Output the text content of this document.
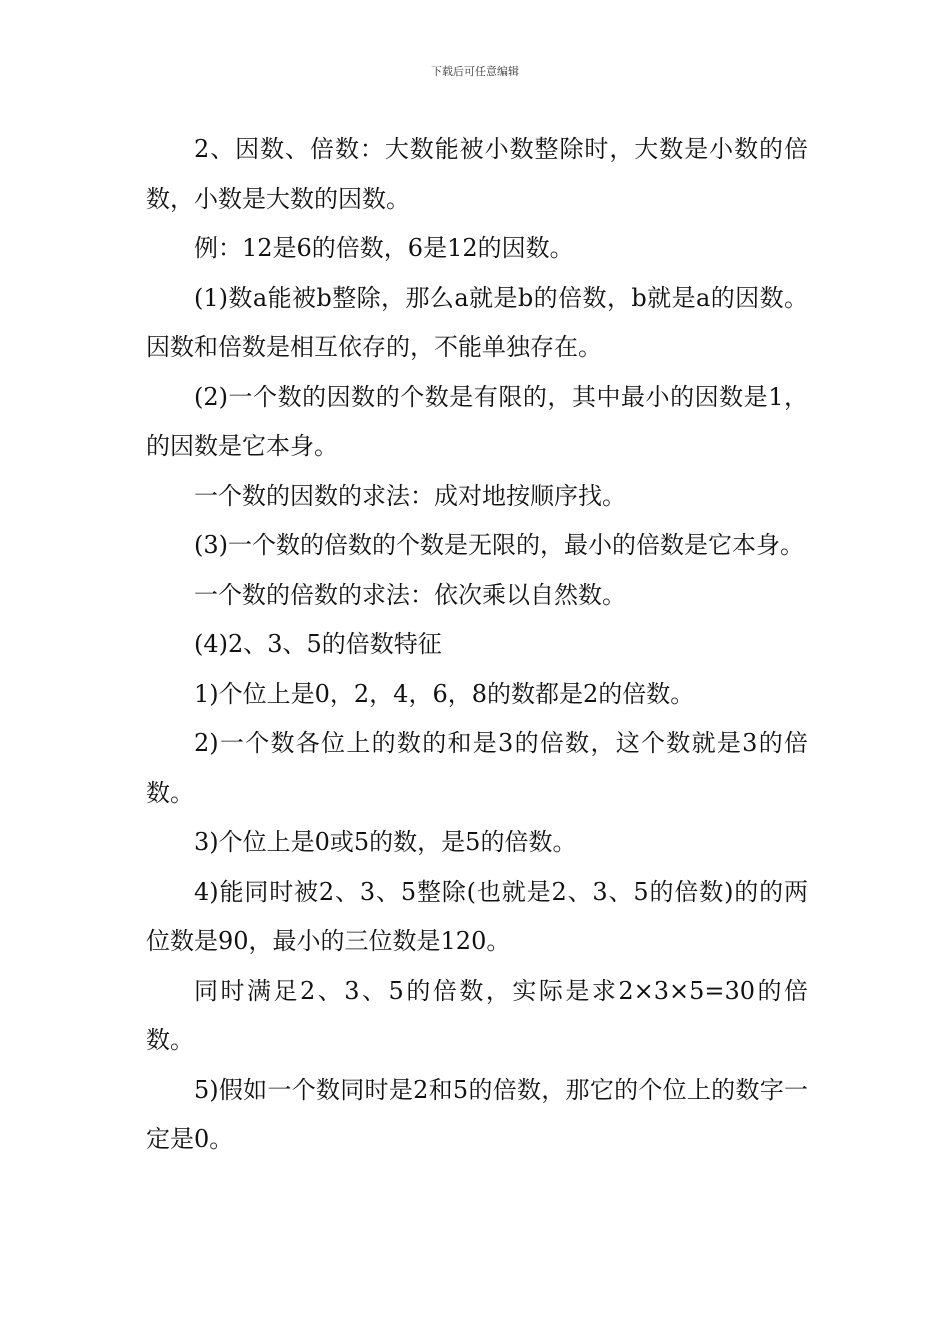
下载后可任意编辑

2、因数、倍数：大数能被小数整除时，大数是小数的倍数，小数是大数的因数。

例：12是6的倍数，6是12的因数。

(1)数a能被b整除，那么a就是b的倍数，b就是a的因数。因数和倍数是相互依存的，不能单独存在。

(2)一个数的因数的个数是有限的，其中最小的因数是1，的因数是它本身。

一个数的因数的求法：成对地按顺序找。

(3)一个数的倍数的个数是无限的，最小的倍数是它本身。

一个数的倍数的求法：依次乘以自然数。

(4)2、3、5的倍数特征

1)个位上是0，2，4，6，8的数都是2的倍数。

2)一个数各位上的数的和是3的倍数，这个数就是3的倍数。

3)个位上是0或5的数，是5的倍数。

4)能同时被2、3、5整除(也就是2、3、5的倍数)的的两位数是90，最小的三位数是120。

同时满足2、3、5的倍数，实际是求2×3×5=30的倍数。

5)假如一个数同时是2和5的倍数，那它的个位上的数字一定是0。
